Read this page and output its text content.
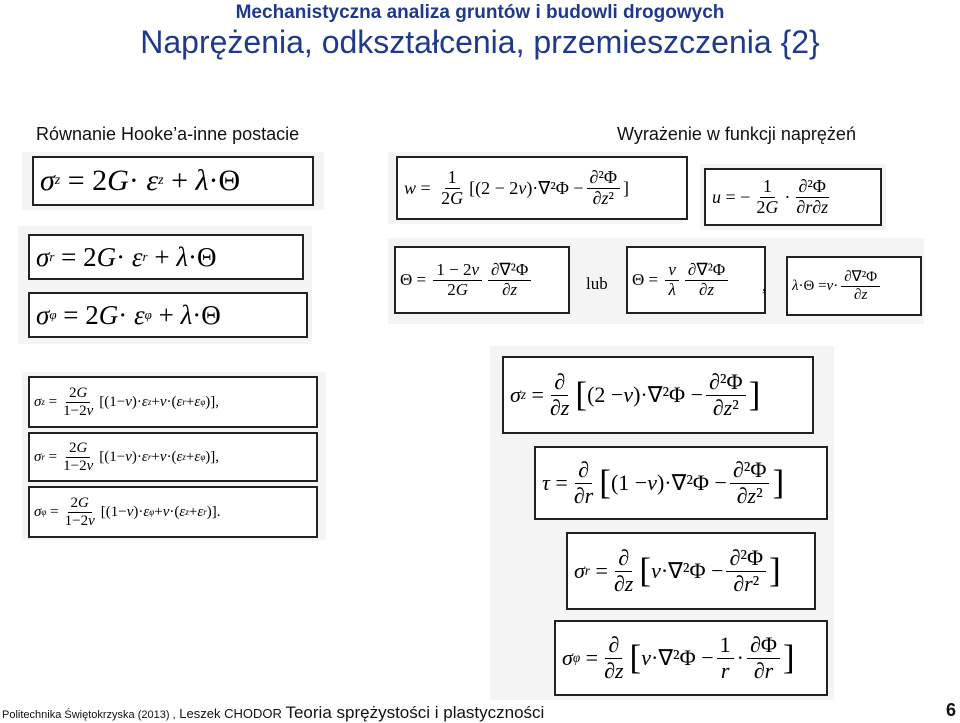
Mechanistyczna analiza gruntów i budowli drogowych
Naprężenia, odkształcenia, przemieszczenia {2}
Równanie Hooke’a-inne postacie	Wyrażenie w funkcji naprężeń
σ z = 2 G · ε z + λ ·Θ
σ r = 2 G · ε r + λ ·Θ
σ φ = 2 G · ε φ + λ ·Θ
$w = \frac{1}{2G} [(2 - 2\nu)\cdot\nabla^2\Phi - \frac{\text{∂²Φ}}{\text{∂z²}}$ ]	u = − $\frac{1}{2G} \cdot \frac{\text{∂²Φ}}{\partial r\partial z}$
$\Theta = \frac{1 - 2\nu}{2G} \frac{\text{∂∇²Φ}}{\partial z}$	lub	$\Theta = \frac{\nu}{\lambda} \frac{\text{∂∇²Φ}}{\partial z}$ , $\lambda \cdot\Theta = \nu \cdot \frac{\text{∂∇²Φ}}{\partial z}$
σ $z = \frac{2G}{1-2\nu} [(1- \nu$ )· ε z + ν ·( ε r + ε φ )],
σ $r = \frac{2G}{1-2\nu} [(1- \nu$ )· ε r + ν ·( ε z + ε φ )],
σ $\varphi = \frac{2G}{1-2\nu} [(1- \nu$ )· ε φ + ν ·( ε z + ε r )].
σ $z = \frac{\partial}{\partial z}$ [ (2 − ν )$\cdot\nabla^2\Phi - \frac{\text{∂²Φ}}{\text{∂z²}}$ ]
$\tau = \frac{\partial}{\partial r}$ [ (1 − ν )$\cdot\nabla^2\Phi - \frac{\text{∂²Φ}}{\text{∂z²}}$ ]
σ $r = \frac{\partial}{\partial z}$ [ $\nu \cdot\nabla^2\Phi - \frac{\text{∂²Φ}}{\text{∂r²}}$ ]
σ $\varphi = \frac{\partial}{\partial z}$ [ $\nu \cdot\nabla^2\Phi - \frac{1}{r} \cdot \frac{\partial\Phi}{\partial r}$ ]
Politechnika Świętokrzyska (2013) , Leszek CHODOR Teoria sprężystości i plastyczności	6
